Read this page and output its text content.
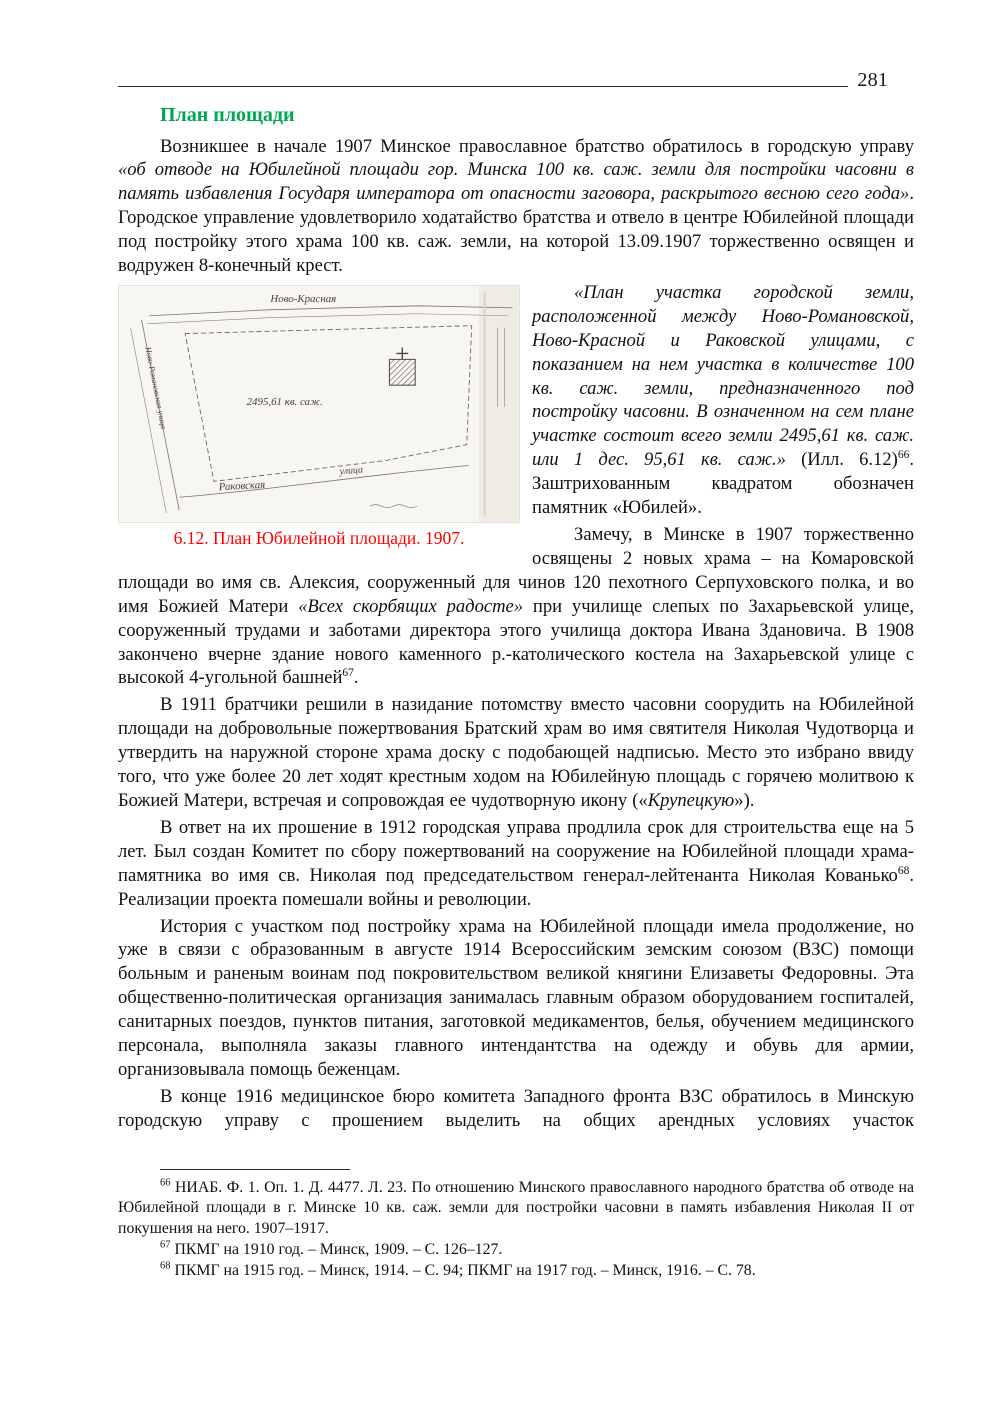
281
План площади

Возникшее в начале 1907 Минское православное братство обратилось в городскую управу «об отводе на Юбилейной площади гор. Минска 100 кв. саж. земли для постройки часовни в память избавления Государя императора от опасности заговора, раскрытого весною сего года». Городское управление удовлетворило ходатайство братства и отвело в центре Юбилейной площади под постройку этого храма 100 кв. саж. земли, на которой 13.09.1907 торжественно освящен и водружен 8-конечный крест.

Ново-Красная
Ново-Романовская улица	2495,61 кв. саж.
улица
Раковская
6.12. План Юбилейной площади. 1907.

«План участка городской земли, расположенной между Ново-Романовской, Ново-Красной и Раковской улицами, с показанием на нем участка в количестве 100 кв. саж. земли, предназначенного под постройку часовни. В означенном на сем плане участке состоит всего земли 2495,61 кв. саж. или 1 дес. 95,61 кв. саж.» (Илл. 6.12)$^{66}$. Заштрихованным квадратом обозначен памятник «Юбилей».

Замечу, в Минске в 1907 торжественно освящены 2 новых храма – на Комаровской площади во имя св. Алексия, сооруженный для чинов 120 пехотного Серпуховского полка, и во имя Божией Матери «Всех скорбящих радосте» при училище слепых по Захарьевской улице, сооруженный трудами и заботами директора этого училища доктора Ивана Здановича. В 1908 закончено вчерне здание нового каменного р.-католического костела на Захарьевской улице с высокой 4-угольной башней$^{67}$.

В 1911 братчики решили в назидание потомству вместо часовни соорудить на Юбилейной площади на добровольные пожертвования Братский храм во имя святителя Николая Чудотворца и утвердить на наружной стороне храма доску с подобающей надписью. Место это избрано ввиду того, что уже более 20 лет ходят крестным ходом на Юбилейную площадь с горячею молитвою к Божией Матери, встречая и сопровождая ее чудотворную икону («Крупецкую»).

В ответ на их прошение в 1912 городская управа продлила срок для строительства еще на 5 лет. Был создан Комитет по сбору пожертвований на сооружение на Юбилейной площади храма-памятника во имя св. Николая под председательством генерал-лейтенанта Николая Кованько$^{68}$. Реализации проекта помешали войны и революции.

История с участком под постройку храма на Юбилейной площади имела продолжение, но уже в связи с образованным в августе 1914 Всероссийским земским союзом (ВЗС) помощи больным и раненым воинам под покровительством великой княгини Елизаветы Федоровны. Эта общественно-политическая организация занималась главным образом оборудованием госпиталей, санитарных поездов, пунктов питания, заготовкой медикаментов, белья, обучением медицинского персонала, выполняла заказы главного интендантства на одежду и обувь для армии, организовывала помощь беженцам.

В конце 1916 медицинское бюро комитета Западного фронта ВЗС обратилось в Минскую городскую управу с прошением выделить на общих арендных условиях участок

$^{66}$ НИАБ. Ф. 1. Оп. 1. Д. 4477. Л. 23. По отношению Минского православного народного братства об отводе на Юбилейной площади в г. Минске 10 кв. саж. земли для постройки часовни в память избавления Николая II от покушения на него. 1907–1917.

$^{67}$ ПКМГ на 1910 год. – Минск, 1909. – С. 126–127.

$^{68}$ ПКМГ на 1915 год. – Минск, 1914. – С. 94; ПКМГ на 1917 год. – Минск, 1916. – С. 78.
